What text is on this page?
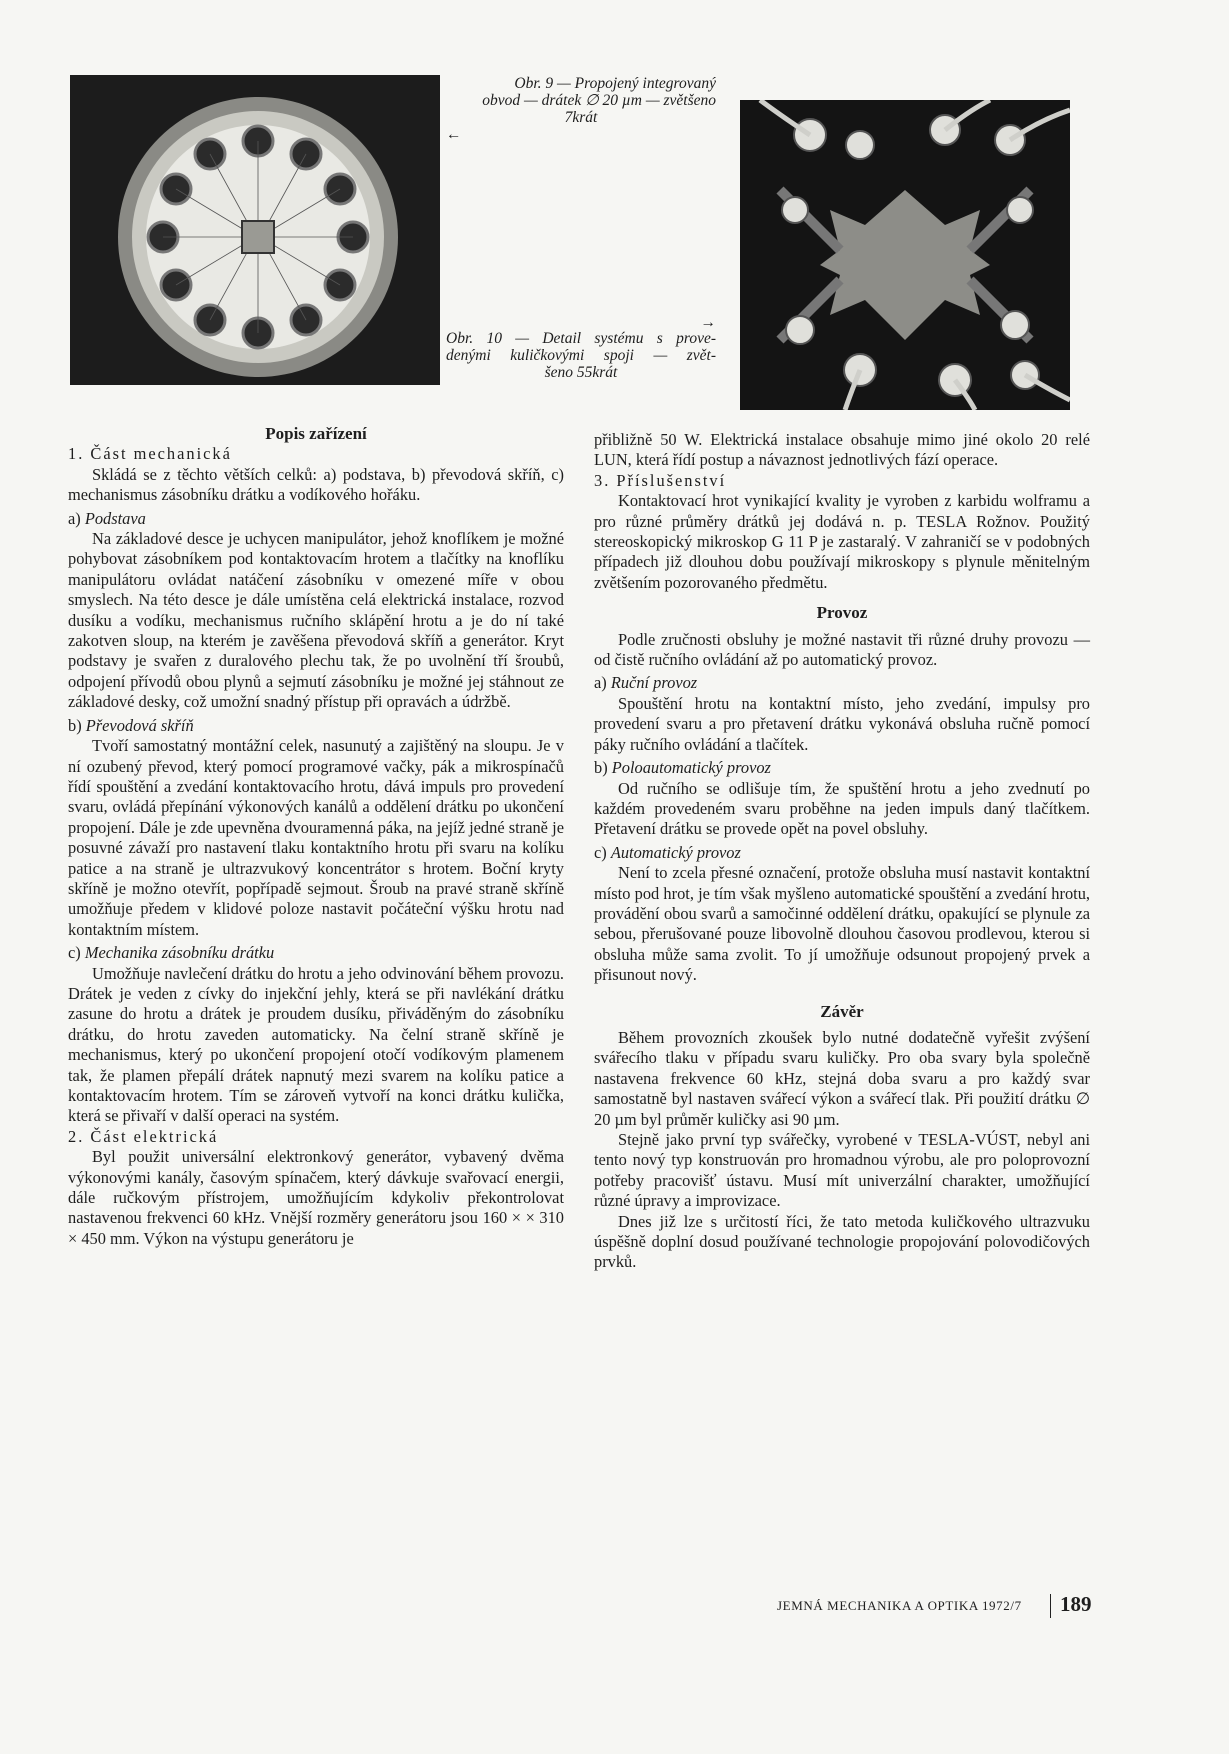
Obr. 9 — Propojený integrovaný
obvod — drátek ∅ 20 µm — zvětšeno
7krát
←
→
Obr. 10 — Detail systému s prove-
denými kuličkovými spoji — zvět-
šeno 55krát
Popis zařízení
1. Část mechanická

Skládá se z těchto větších celků: a) podstava, b) převodová skříň, c) mechanismus zásobníku drátku a vodíkového hořáku.

a) Podstava

Na základové desce je uchycen manipulátor, jehož knoflíkem je možné pohybovat zásobníkem pod kontaktovacím hrotem a tlačítky na knoflíku manipulátoru ovládat natáčení zásobníku v omezené míře v obou smyslech. Na této desce je dále umístěna celá elektrická instalace, rozvod dusíku a vodíku, mechanismus ručního sklápění hrotu a je do ní také zakotven sloup, na kterém je zavěšena převodová skříň a generátor. Kryt podstavy je svařen z duralového plechu tak, že po uvolnění tří šroubů, odpojení přívodů obou plynů a sejmutí zásobníku je možné jej stáhnout ze základové desky, což umožní snadný přístup při opravách a údržbě.

b) Převodová skříň

Tvoří samostatný montážní celek, nasunutý a zajištěný na sloupu. Je v ní ozubený převod, který pomocí programové vačky, pák a mikrospínačů řídí spouštění a zvedání kontaktovacího hrotu, dává impuls pro provedení svaru, ovládá přepínání výkonových kanálů a oddělení drátku po ukončení propojení. Dále je zde upevněna dvouramenná páka, na jejíž jedné straně je posuvné závaží pro nastavení tlaku kontaktního hrotu při svaru na kolíku patice a na straně je ultrazvukový koncentrátor s hrotem. Boční kryty skříně je možno otevřít, popřípadě sejmout. Šroub na pravé straně skříně umožňuje předem v klidové poloze nastavit počáteční výšku hrotu nad kontaktním místem.

c) Mechanika zásobníku drátku

Umožňuje navlečení drátku do hrotu a jeho odvinování během provozu. Drátek je veden z cívky do injekční jehly, která se při navlékání drátku zasune do hrotu a drátek je proudem dusíku, přiváděným do zásobníku drátku, do hrotu zaveden automaticky. Na čelní straně skříně je mechanismus, který po ukončení propojení otočí vodíkovým plamenem tak, že plamen přepálí drátek napnutý mezi svarem na kolíku patice a kontaktovacím hrotem. Tím se zároveň vytvoří na konci drátku kulička, která se přivaří v další operaci na systém.

2. Část elektrická

Byl použit universální elektronkový generátor, vybavený dvěma výkonovými kanály, časovým spínačem, který dávkuje svařovací energii, dále ručkovým přístrojem, umožňujícím kdykoliv překontrolovat nastavenou frekvenci 60 kHz. Vnější rozměry generátoru jsou 160 × × 310 × 450 mm. Výkon na výstupu generátoru je

přibližně 50 W. Elektrická instalace obsahuje mimo jiné okolo 20 relé LUN, která řídí postup a návaznost jednotlivých fází operace.

3. Příslušenství

Kontaktovací hrot vynikající kvality je vyroben z karbidu wolframu a pro různé průměry drátků jej dodává n. p. TESLA Rožnov. Použitý stereoskopický mikroskop G 11 P je zastaralý. V zahraničí se v podobných případech již dlouhou dobu používají mikroskopy s plynule měnitelným zvětšením pozorovaného předmětu.

Provoz

Podle zručnosti obsluhy je možné nastavit tři různé druhy provozu — od čistě ručního ovládání až po automatický provoz.

a) Ruční provoz

Spouštění hrotu na kontaktní místo, jeho zvedání, impulsy pro provedení svaru a pro přetavení drátku vykonává obsluha ručně pomocí páky ručního ovládání a tlačítek.

b) Poloautomatický provoz

Od ručního se odlišuje tím, že spuštění hrotu a jeho zvednutí po každém provedeném svaru proběhne na jeden impuls daný tlačítkem. Přetavení drátku se provede opět na povel obsluhy.

c) Automatický provoz

Není to zcela přesné označení, protože obsluha musí nastavit kontaktní místo pod hrot, je tím však myšleno automatické spouštění a zvedání hrotu, provádění obou svarů a samočinné oddělení drátku, opakující se plynule za sebou, přerušované pouze libovolně dlouhou časovou prodlevou, kterou si obsluha může sama zvolit. To jí umožňuje odsunout propojený prvek a přisunout nový.

Závěr

Během provozních zkoušek bylo nutné dodatečně vyřešit zvýšení svářecího tlaku v případu svaru kuličky. Pro oba svary byla společně nastavena frekvence 60 kHz, stejná doba svaru a pro každý svar samostatně byl nastaven svářecí výkon a svářecí tlak. Při použití drátku ∅ 20 µm byl průměr kuličky asi 90 µm.

Stejně jako první typ svářečky, vyrobené v TESLA-VÚST, nebyl ani tento nový typ konstruován pro hromadnou výrobu, ale pro poloprovozní potřeby pracovišť ústavu. Musí mít univerzální charakter, umožňující různé úpravy a improvizace.

Dnes již lze s určitostí říci, že tato metoda kuličkového ultrazvuku úspěšně doplní dosud používané technologie propojování polovodičových prvků.

JEMNÁ MECHANIKA A OPTIKA 1972/7 189
